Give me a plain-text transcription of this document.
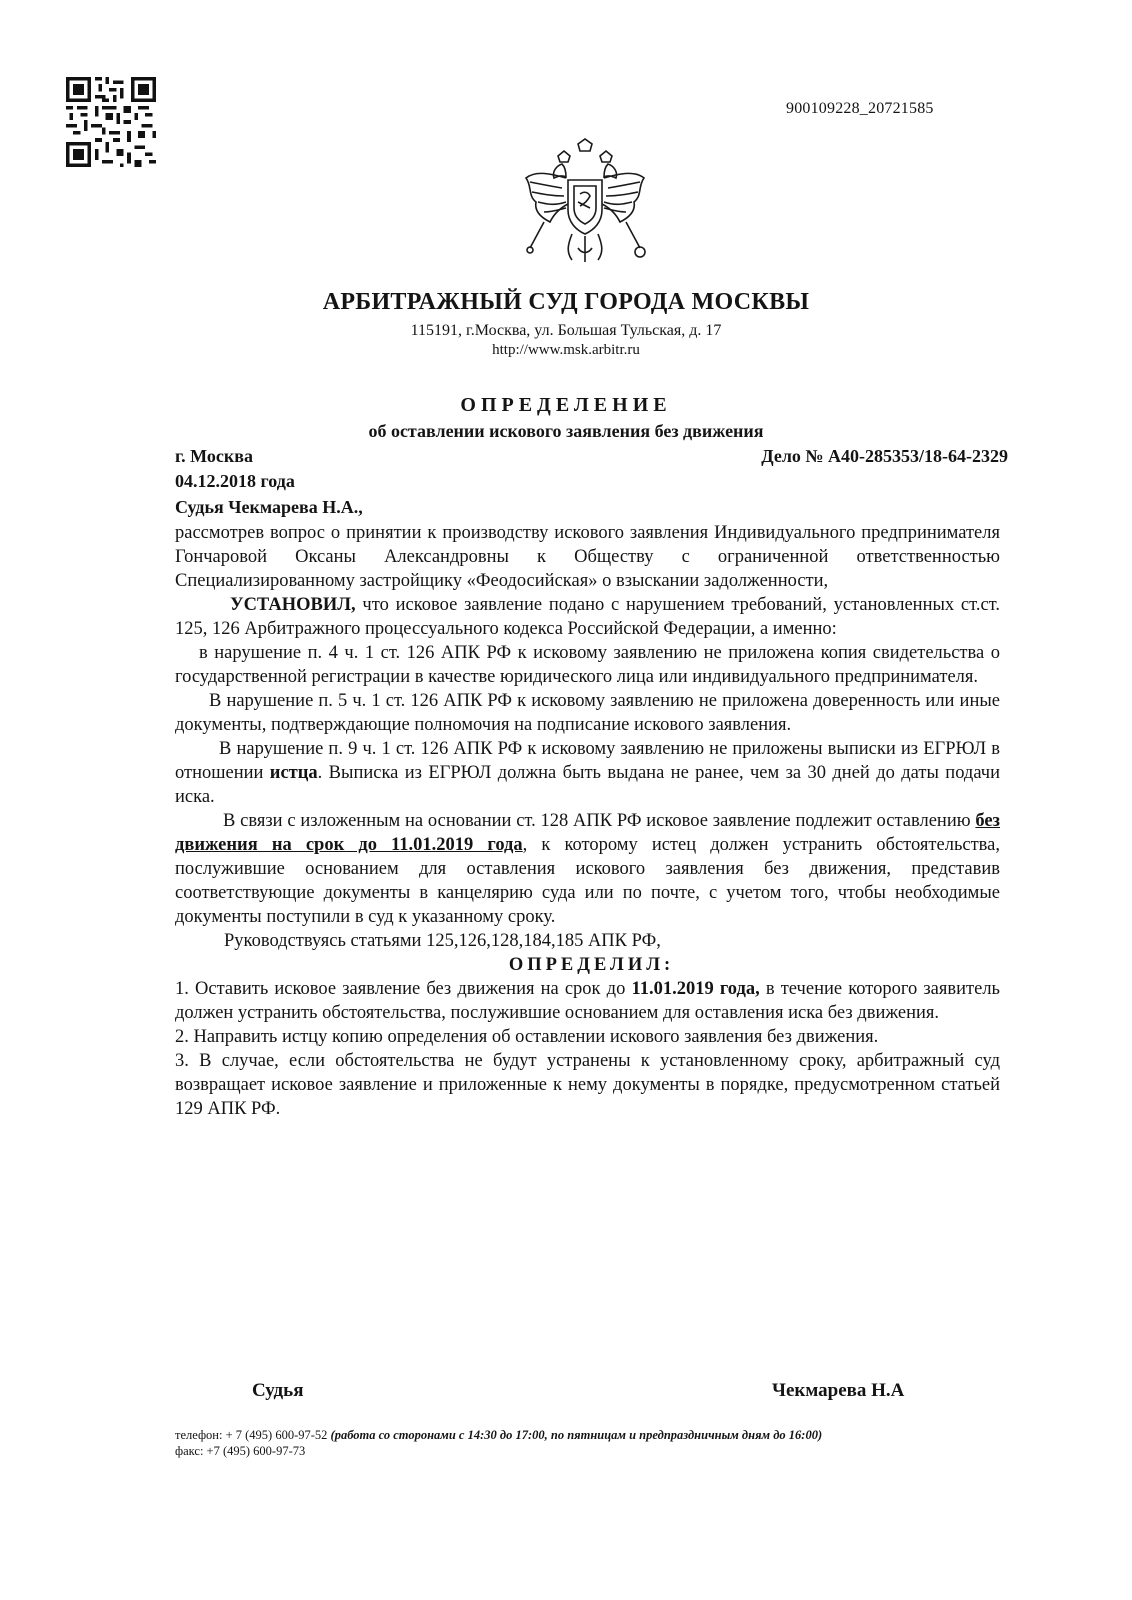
900109228_20721585
АРБИТРАЖНЫЙ СУД ГОРОДА МОСКВЫ
115191, г.Москва, ул. Большая Тульская, д. 17
http://www.msk.arbitr.ru
ОПРЕДЕЛЕНИЕ
об оставлении искового заявления без движения
г. Москва	Дело № А40-285353/18-64-2329
04.12.2018 года
Судья Чекмарева Н.А.,

рассмотрев вопрос о принятии к производству искового заявления Индивидуального предпринимателя Гончаровой Оксаны Александровны к Обществу с ограниченной ответственностью Специализированному застройщику «Феодосийская» о взыскании задолженности,

УСТАНОВИЛ, что исковое заявление подано с нарушением требований, установленных ст.ст. 125, 126 Арбитражного процессуального кодекса Российской Федерации, а именно:

в нарушение п. 4 ч. 1 ст. 126 АПК РФ к исковому заявлению не приложена копия свидетельства о государственной регистрации в качестве юридического лица или индивидуального предпринимателя.

В нарушение п. 5 ч. 1 ст. 126 АПК РФ к исковому заявлению не приложена доверенность или иные документы, подтверждающие полномочия на подписание искового заявления.

В нарушение п. 9 ч. 1 ст. 126 АПК РФ к исковому заявлению не приложены выписки из ЕГРЮЛ в отношении истца. Выписка из ЕГРЮЛ должна быть выдана не ранее, чем за 30 дней до даты подачи иска.

В связи с изложенным на основании ст. 128 АПК РФ исковое заявление подлежит оставлению без движения на срок до 11.01.2019 года, к которому истец должен устранить обстоятельства, послужившие основанием для оставления искового заявления без движения, представив соответствующие документы в канцелярию суда или по почте, с учетом того, чтобы необходимые документы поступили в суд к указанному сроку.

Руководствуясь статьями 125,126,128,184,185 АПК РФ,

ОПРЕДЕЛИЛ:

1. Оставить исковое заявление без движения на срок до 11.01.2019 года, в течение которого заявитель должен устранить обстоятельства, послужившие основанием для оставления иска без движения.

2. Направить истцу копию определения об оставлении искового заявления без движения.

3. В случае, если обстоятельства не будут устранены к установленному сроку, арбитражный суд возвращает исковое заявление и приложенные к нему документы в порядке, предусмотренном статьей 129 АПК РФ.

Судья	Чекмарева Н.А
телефон: + 7 (495) 600-97-52 (работа со сторонами с 14:30 до 17:00, по пятницам и предпраздничным дням до 16:00)
факс: +7 (495) 600-97-73
